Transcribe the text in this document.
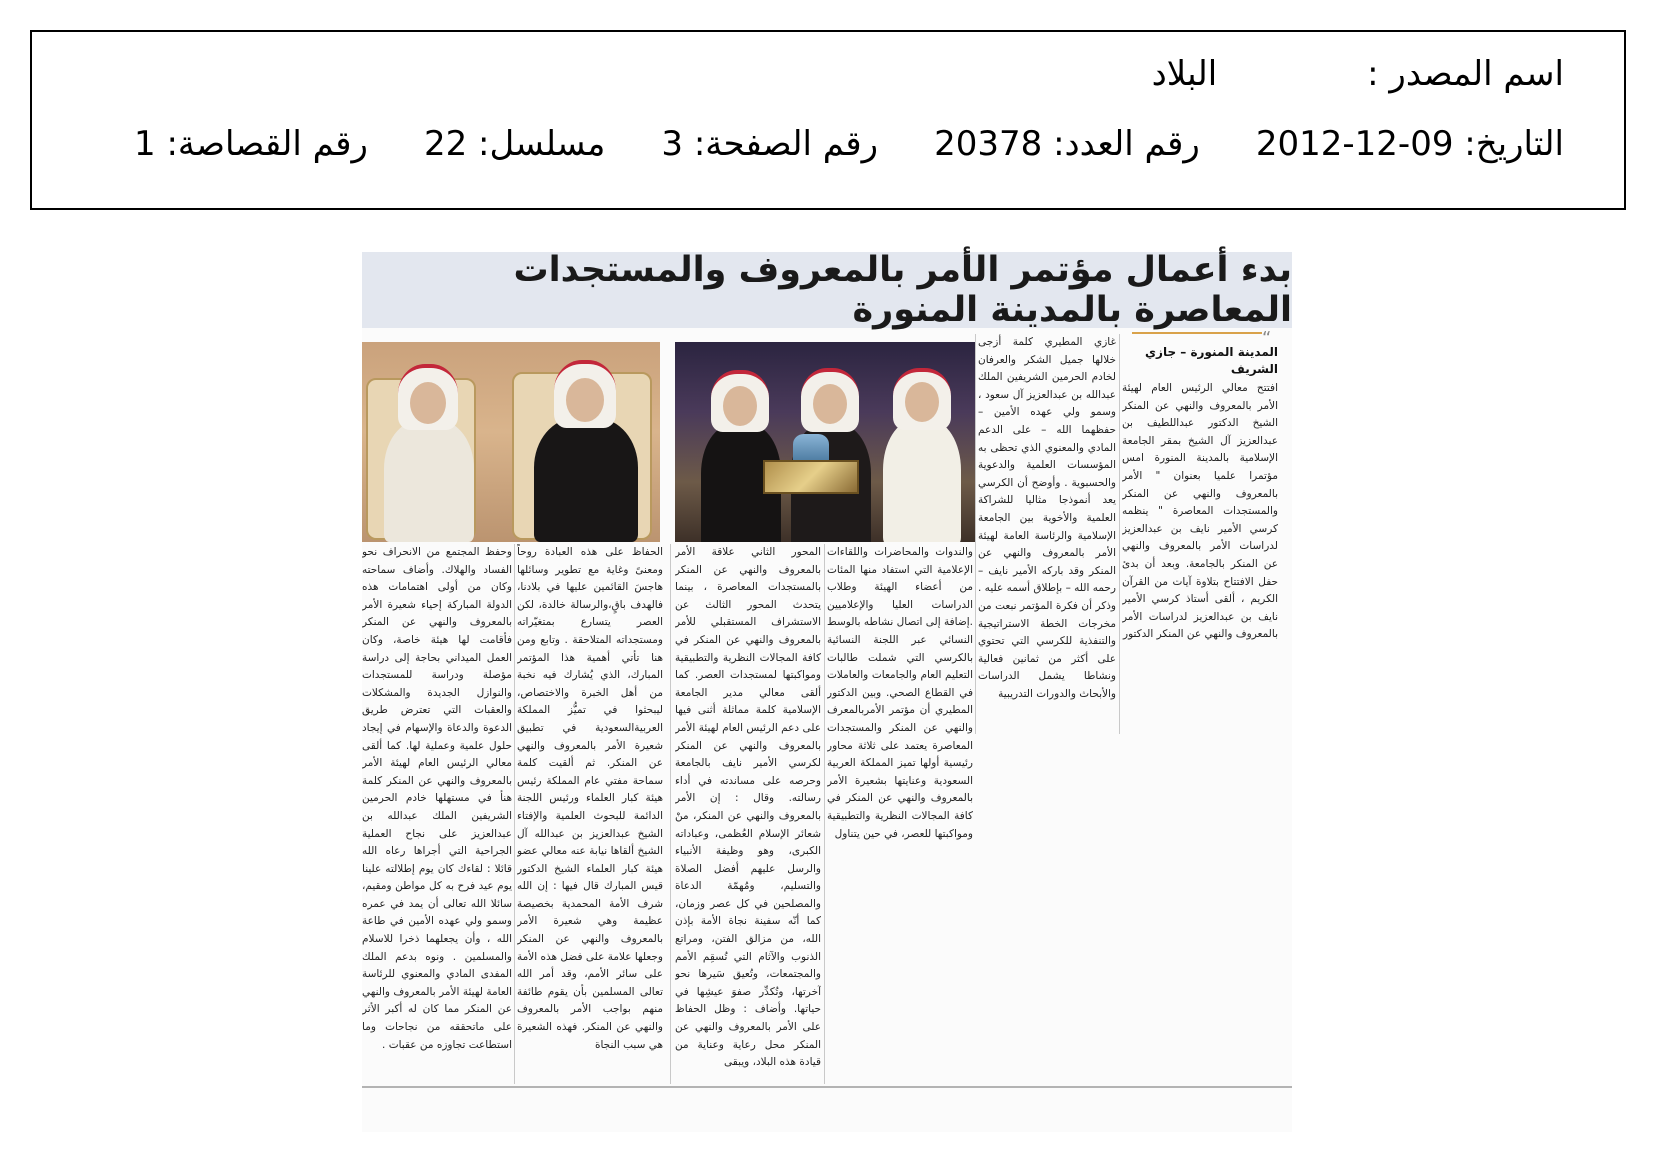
اسم المصدر :البلاد
التاريخ: 09-12-2012رقم العدد: 20378رقم الصفحة: 3مسلسل: 22رقم القصاصة: 1
بدء أعمال مؤتمر الأمر بالمعروف والمستجدات المعاصرة بالمدينة المنورة
“
المدينة المنورة – جازي الشريف
افتتح معالي الرئيس العام لهيئة الأمر بالمعروف والنهي عن المنكر الشيخ الدكتور عبداللطيف بن عبدالعزيز آل الشيخ بمقر الجامعة الإسلامية بالمدينة المنورة امس مؤتمرا علميا بعنوان " الأمر بالمعروف والنهي عن المنكر والمستجدات المعاصرة " ينظمه كرسي الأمير نايف بن عبدالعزيز لدراسات الأمر بالمعروف والنهي عن المنكر بالجامعة. وبعد أن بدئ حفل الافتتاح بتلاوة آيات من القرآن الكريم ، ألقى أستاذ كرسي الأمير نايف بن عبدالعزيز لدراسات الأمر بالمعروف والنهي عن المنكر الدكتور
غازي المطيري كلمة أزجى خلالها جميل الشكر والعرفان لخادم الحرمين الشريفين الملك عبدالله بن عبدالعزيز آل سعود ، وسمو ولي عهده الأمين – حفظهما الله – على الدعم المادي والمعنوي الذي تحظى به المؤسسات العلمية والدعوية والحسبوية . وأوضح أن الكرسي يعد أنموذجا مثاليا للشراكة العلمية والأخوية بين الجامعة الإسلامية والرئاسة العامة لهيئة الأمر بالمعروف والنهي عن المنكر وقد باركه الأمير نايف – رحمه الله – بإطلاق أسمه عليه . وذكر أن فكرة المؤتمر نبعت من مخرجات الخطة الاستراتيجية والتنفذية للكرسي التي تحتوي على أكثر من ثمانين فعالية ونشاطا يشمل الدراسات والأبحاث والدورات التدريبية
والندوات والمحاضرات واللقاءات الإعلامية التي استفاد منها المئات من أعضاء الهيئة وطلاب الدراسات العليا والإعلاميين .إضافة إلى اتصال نشاطه بالوسط النسائي عبر اللجنة النسائية بالكرسي التي شملت طالبات التعليم العام والجامعات والعاملات في القطاع الصحي. وبين الدكتور المطيري أن مؤتمر الأمربالمعرف والنهي عن المنكر والمستجدات المعاصرة يعتمد على ثلاثة محاور رئيسية أولها تميز المملكة العربية السعودية وعنايتها بشعيرة الأمر بالمعروف والنهي عن المنكر في كافة المجالات النظرية والتطبيقية ومواكبتها للعصر، في حين يتناول
المحور الثاني علاقة الأمر بالمعروف والنهي عن المنكر بالمستجدات المعاصرة ، بينما يتحدث المحور الثالث عن الاستشراف المستقبلي للأمر بالمعروف والنهي عن المنكر في كافة المجالات النظرية والتطبيقية ومواكبتها لمستجدات العصر. كما ألقى معالي مدير الجامعة الإسلامية كلمة مماثلة أثنى فيها على دعم الرئيس العام لهيئة الأمر بالمعروف والنهي عن المنكر لكرسي الأمير نايف بالجامعة وحرصه على مساندته في أداء رسالته. وقال : إن الأمر بالمعروف والنهي عن المنكر، منْ شعائر الإسلام العُظمى، وعباداته الكبرى، وهو وظيفة الأنبياء والرسل عليهم أفضل الصلاة والتسليم، ومُهمّة الدعاة والمصلحين في كل عصر وزمان، كما أنّه سفينة نجاة الأمة بإذن الله، من مزالق الفتن، ومراتع الذنوب والآثام التي تُسقِم الأمم والمجتمعات، وتُعيق سَيرها نحو آخرتها، وتُكدِّر صفوَ عيشِها في حياتها. وأضاف : وظل الحفاظ على الأمر بالمعروف والنهي عن المنكر محل رعاية وعناية من قيادة هذه البلاد، ويبقى
الحفاظ على هذه العبادة روحاً ومعنىً وغاية مع تطوير وسائلها هاجسَ القائمين عليها في بلادنا، فالهدف باقٍ،والرسالة خالدة، لكن العصر يتسارع بمتغيّراته ومستجداته المتلاحقة . وتابع ومن هنا تأتي أهمية هذا المؤتمر المبارك، الذي يُشارك فيه نخبة من أهل الخبرة والاختصاص، ليبحثوا في تميُّز المملكة العربيةالسعودية في تطبيق شعيرة الأمر بالمعروف والنهي عن المنكر. ثم ألقيت كلمة سماحة مفتي عام المملكة رئيس هيئة كبار العلماء ورئيس اللجنة الدائمة للبحوث العلمية والإفتاء الشيخ عبدالعزيز بن عبدالله آل الشيخ ألقاها نيابة عنه معالي عضو هيئة كبار العلماء الشيخ الدكتور قيس المبارك قال فيها : إن الله شرف الأمة المحمدية بخصيصة عظيمة وهي شعيرة الأمر بالمعروف والنهي عن المنكر وجعلها علامة على فضل هذه الأمة على سائر الأمم، وقد أمر الله تعالى المسلمين بأن يقوم طائفة منهم بواجب الأمر بالمعروف والنهي عن المنكر. فهذه الشعيرة هي سبب النجاة
وحفظ المجتمع من الانحراف نحو الفساد والهلاك. وأضاف سماحته وكان من أولى اهتمامات هذه الدولة المباركة إحياء شعيرة الأمر بالمعروف والنهي عن المنكر فأقامت لها هيئة خاصة، وكان العمل الميداني بحاجة إلى دراسة مؤصلة ودراسة للمستجدات والنوازل الجديدة والمشكلات والعقبات التي تعترض طريق الدعوة والدعاة والإسهام في إيجاد حلول علمية وعملية لها. كما ألقى معالي الرئيس العام لهيئة الأمر بالمعروف والنهي عن المنكر كلمة هنأ في مستهلها خادم الحرمين الشريفين الملك عبدالله بن عبدالعزيز على نجاح العملية الجراحية التي أجراها رعاه الله قائلا : لقاءك كان يوم إطلالته علينا يوم عيد فرح به كل مواطن ومقيم، سائلا الله تعالى أن يمد في عمره وسمو ولي عهده الأمين في طاعة الله ، وأن يجعلهما ذخرا للاسلام والمسلمين . ونوه بدعم الملك المفدى المادي والمعنوي للرئاسة العامة لهيئة الأمر بالمعروف والنهي عن المنكر مما كان له أكبر الأثر على ماتحققه من نجاحات وما استطاعت تجاوزه من عقبات .
